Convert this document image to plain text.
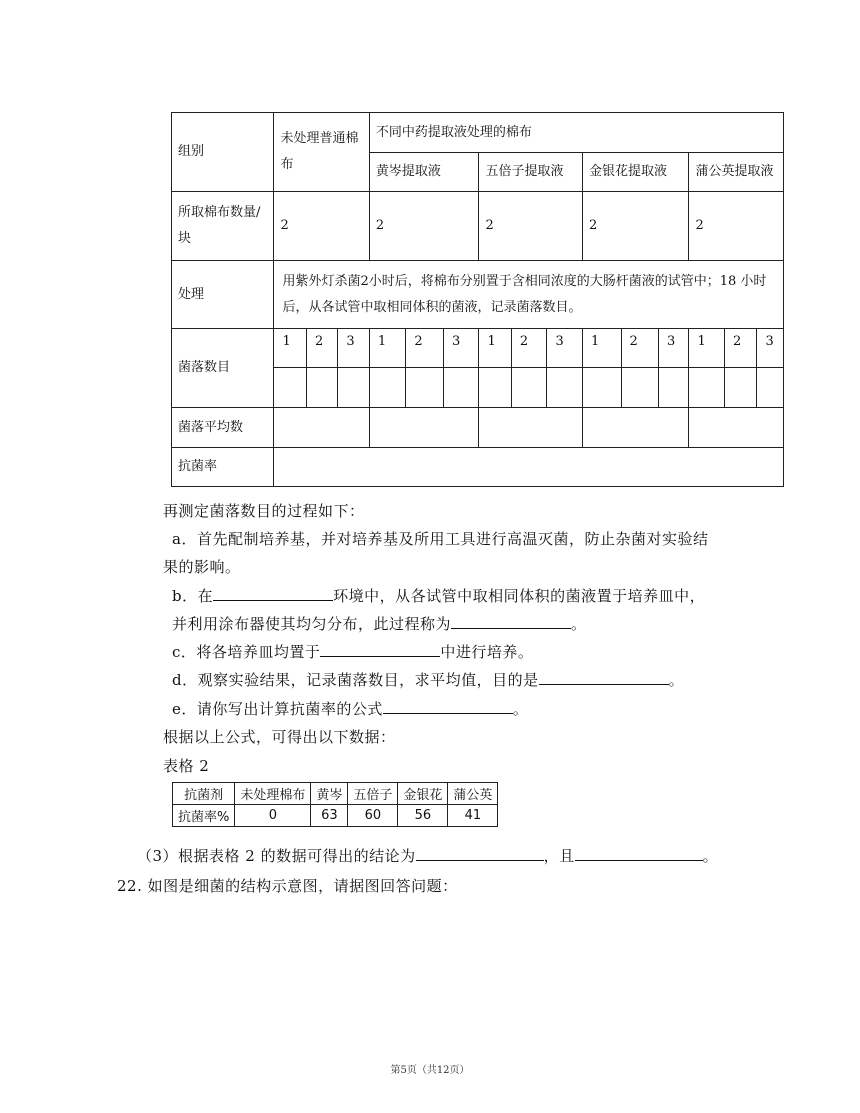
组别	未处理普通棉布			不同中药提取液处理的棉布											
				黄岑提取液			五倍子提取液			金银花提取液			蒲公英提取液		
所取棉布数量/块	2			2			2			2			2		
处理	用紫外灯杀菌2小时后，将棉布分别置于含相同浓度的大肠杆菌液的试管中；18 小时后，从各试管中取相同体积的菌液，记录菌落数目。														
菌落数目	1	2	3	1	2	3	1	2	3	1	2	3	1	2	3

菌落平均数															
抗菌率															
再测定菌落数目的过程如下：
a．首先配制培养基，并对培养基及所用工具进行高温灭菌，防止杂菌对实验结
果的影响。
b．在	环境中，从各试管中取相同体积的菌液置于培养皿中，
并利用涂布器使其均匀分布，此过程称为	。
c．将各培养皿均置于	中进行培养。
d．观察实验结果，记录菌落数目，求平均值，目的是	。
e．请你写出计算抗菌率的公式	。
根据以上公式，可得出以下数据：
表格 2
抗菌剂	未处理棉布	黄岑	五倍子	金银花	蒲公英
抗菌率%	0	63	60	56	41
（3）根据表格 2 的数据可得出的结论为	，且	。
22. 如图是细菌的结构示意图，请据图回答问题：
第5页（共12页）
